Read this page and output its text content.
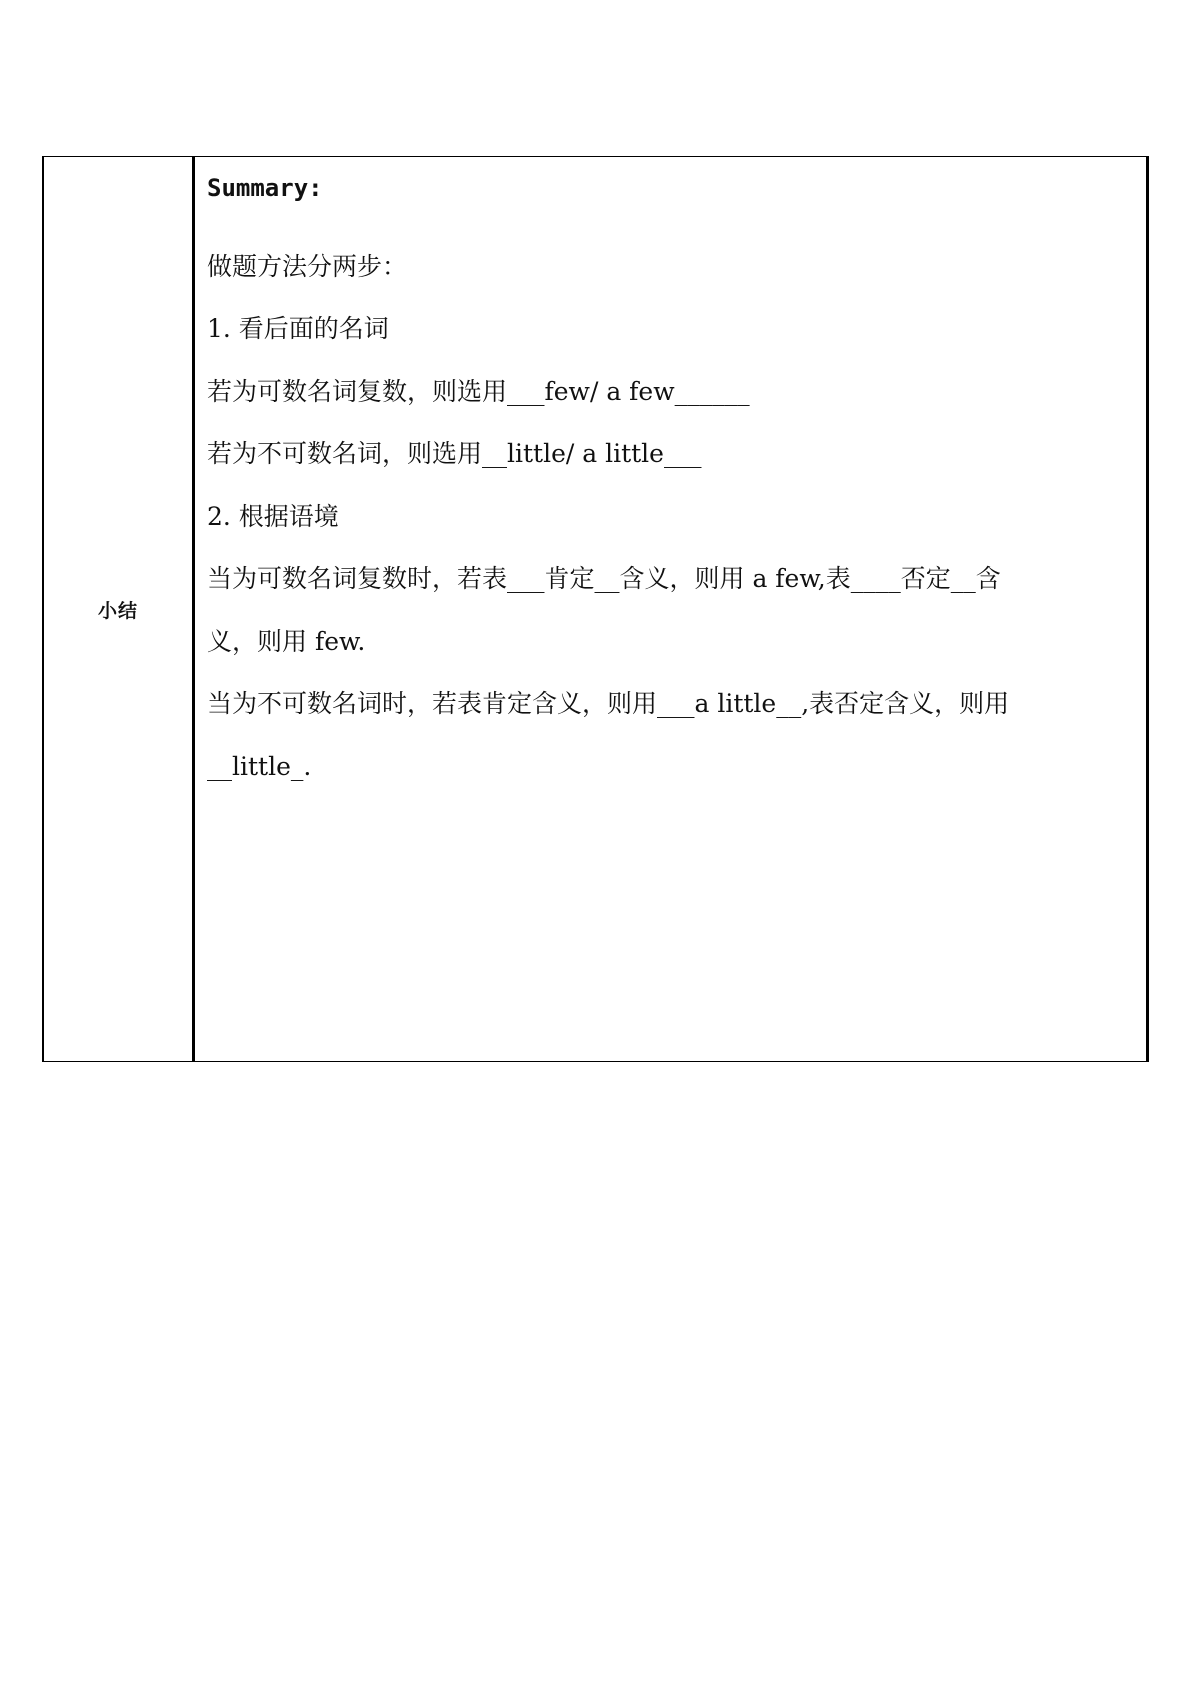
小结	
Summary:
做题方法分两步：
1. 看后面的名词
若为可数名词复数，则选用___few/ a few______
若为不可数名词，则选用__little/ a little___
2. 根据语境
当为可数名词复数时，若表___肯定__含义，则用 a few,表____否定__含
义，则用 few.
当为不可数名词时，若表肯定含义，则用___a little__,表否定含义，则用
__little_.
